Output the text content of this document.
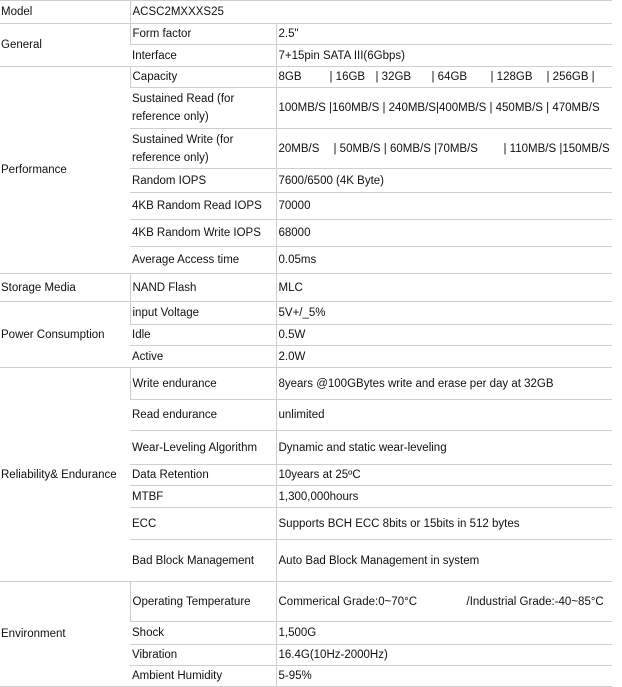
Model	ACSC2MXXXS25	
General	Form factor	2.5"
	Interface	7+15pin SATA III(6Gbps)
Performance	Capacity	8GB | 16GB | 32GB | 64GB | 128GB | 256GB |
	Sustained Read (for reference only)	100MB/S |160MB/S | 240MB/S|400MB/S | 450MB/S | 470MB/S
	Sustained Write (for reference only)	20MB/S | 50MB/S | 60MB/S |70MB/S | 110MB/S |150MB/S
	Random IOPS	7600/6500 (4K Byte)
	4KB Random Read IOPS	70000
	4KB Random Write IOPS	68000
	Average Access time	0.05ms
Storage Media	NAND Flash	MLC
Power Consumption	input Voltage	5V+/_5%
	Idle	0.5W
	Active	2.0W
Reliability& Endurance	Write endurance	8years @100GBytes write and erase per day at 32GB
	Read endurance	unlimited
	Wear-Leveling Algorithm	Dynamic and static wear-leveling
	Data Retention	10years at 25ºC
	MTBF	1,300,000hours
	ECC	Supports BCH ECC 8bits or 15bits in 512 bytes
	Bad Block Management	Auto Bad Block Management in system
Environment	Operating Temperature	Commerical Grade:0~70°C /Industrial Grade:-40~85°C
	Shock	1,500G
	Vibration	16.4G(10Hz-2000Hz)
	Ambient Humidity	5-95%
